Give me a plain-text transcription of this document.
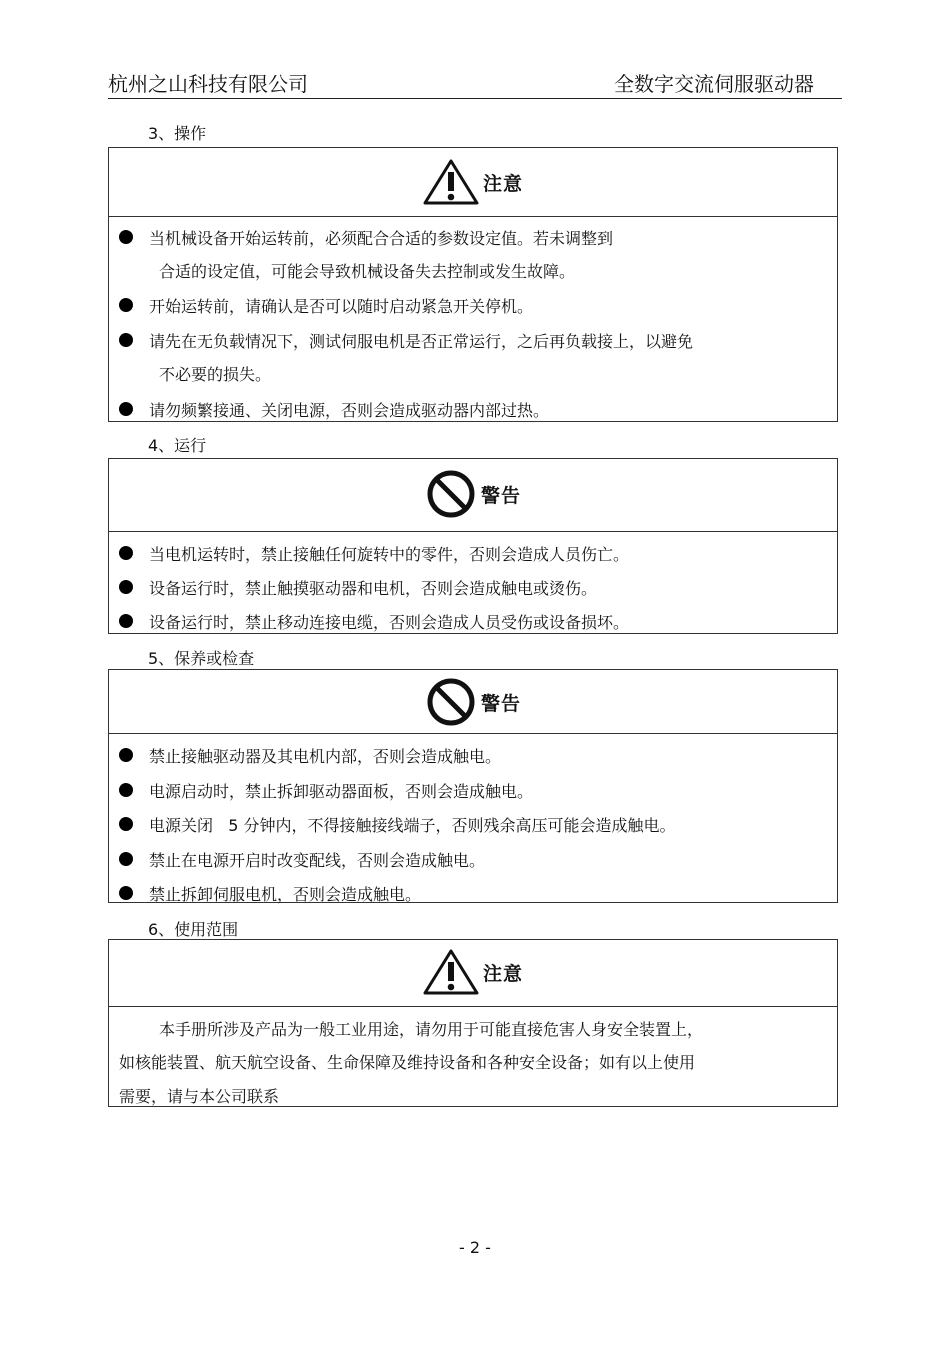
杭州之山科技有限公司	全数字交流伺服驱动器
3、操作
注意
当机械设备开始运转前，必须配合合适的参数设定值。若未调整到
合适的设定值，可能会导致机械设备失去控制或发生故障。
开始运转前，请确认是否可以随时启动紧急开关停机。
请先在无负载情况下，测试伺服电机是否正常运行，之后再负载接上，以避免
不必要的损失。
请勿频繁接通、关闭电源，否则会造成驱动器内部过热。
4、运行
警告
当电机运转时，禁止接触任何旋转中的零件，否则会造成人员伤亡。
设备运行时，禁止触摸驱动器和电机，否则会造成触电或烫伤。
设备运行时，禁止移动连接电缆，否则会造成人员受伤或设备损坏。
5、保养或检查
警告
禁止接触驱动器及其电机内部，否则会造成触电。
电源启动时，禁止拆卸驱动器面板，否则会造成触电。
电源关闭   5 分钟内，不得接触接线端子，否则残余高压可能会造成触电。
禁止在电源开启时改变配线，否则会造成触电。
禁止拆卸伺服电机，否则会造成触电。
6、使用范围
注意
本手册所涉及产品为一般工业用途，请勿用于可能直接危害人身安全装置上，
如核能装置、航天航空设备、生命保障及维持设备和各种安全设备；如有以上使用
需要，请与本公司联系
- 2 -
